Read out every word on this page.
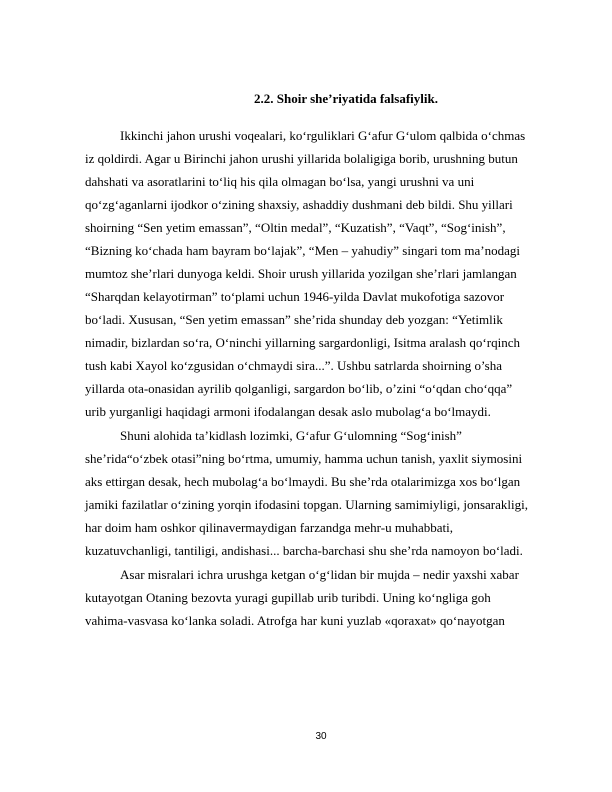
2.2. Shoir she’riyatida falsafiylik.
Ikkinchi jahon urushi voqealari, ko‘rguliklari G‘afur G‘ulom qalbida o‘chmas
iz qoldirdi. Agar u Birinchi jahon urushi yillarida bolaligiga borib, urushning butun
dahshati va asoratlarini to‘liq his qila olmagan bo‘lsa, yangi urushni va uni
qo‘zg‘aganlarni ijodkor o‘zining shaxsiy, ashaddiy dushmani deb bildi. Shu yillari
shoirning “Sen yetim emassan”, “Oltin medal”, “Kuzatish”, “Vaqt”, “Sog‘inish”,
“Bizning ko‘chada ham bayram bo‘lajak”, “Men – yahudiy” singari tom ma’nodagi
mumtoz she’rlari dunyoga keldi. Shoir urush yillarida yozilgan she’rlari jamlangan
“Sharqdan kelayotirman” to‘plami uchun 1946-yilda Davlat mukofotiga sazovor
bo‘ladi. Xususan, “Sen yetim emassan” she’rida shunday deb yozgan: “Yetimlik
nimadir, bizlardan so‘ra, O‘ninchi yillarning sargardonligi, Isitma aralash qo‘rqinch
tush kabi Xayol ko‘zgusidan o‘chmaydi sira...”. Ushbu satrlarda shoirning o’sha
yillarda ota-onasidan ayrilib qolganligi, sargardon bo‘lib, o’zini “o‘qdan cho‘qqa”
urib yurganligi haqidagi armoni ifodalangan desak aslo mubolag‘a bo‘lmaydi.
Shuni alohida ta’kidlash lozimki, G‘afur G‘ulomning “Sog‘inish”
she’rida“o‘zbek otasi”ning bo‘rtma, umumiy, hamma uchun tanish, yaxlit siymosini
aks ettirgan desak, hech mubolag‘a bo‘lmaydi. Bu she’rda otalarimizga xos bo‘lgan
jamiki fazilatlar o‘zining yorqin ifodasini topgan. Ularning samimiyligi, jonsarakligi,
har doim ham oshkor qilinavermaydigan farzandga mehr-u muhabbati,
kuzatuvchanligi, tantiligi, andishasi... barcha-barchasi shu she’rda namoyon bo‘ladi.
Asar misralari ichra urushga ketgan o‘g‘lidan bir mujda – nedir yaxshi xabar
kutayotgan Otaning bezovta yuragi gupillab urib turibdi. Uning ko‘ngliga goh
vahima-vasvasa ko‘lanka soladi. Atrofga har kuni yuzlab «qoraxat» qo‘nayotgan
30
